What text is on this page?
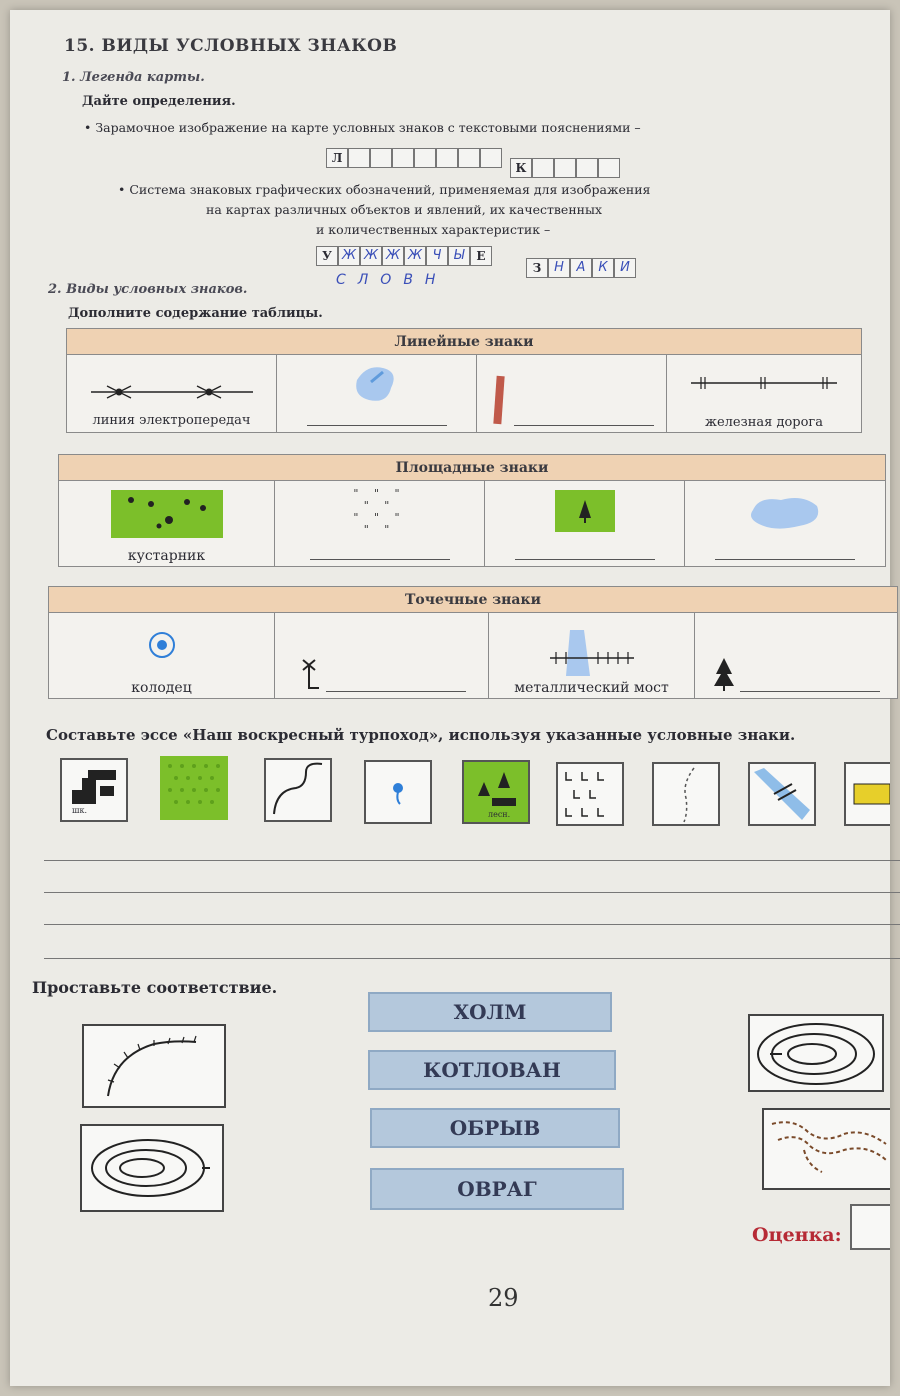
15. ВИДЫ УСЛОВНЫХ ЗНАКОВ
1. Легенда карты.
Дайте определения.
• Зарамочное изображение на карте условных знаков с текстовыми пояснениями –
Л
К
• Система знаковых графических обозначений, применяемая для изображения
на картах различных объектов и явлений, их качественных
и количественных характеристик –
У Ж Ж Ж Ж Ч Ы	Е
З Н А К И
СЛОВН
2. Виды условных знаков.
Дополните содержание таблицы.
Линейные знаки

линия электропередач			железная дорога
Площадные знаки

кустарник

" " "
" "
" " "
" "

Точечные знаки

колодец		металлический мост

Составьте эссе «Наш воскресный турпоход», используя указанные условные знаки.
шк.	лесн.
Проставьте соответствие.
ХОЛМ
КОТЛОВАН
ОБРЫВ
ОВРАГ
Оценка:
29
